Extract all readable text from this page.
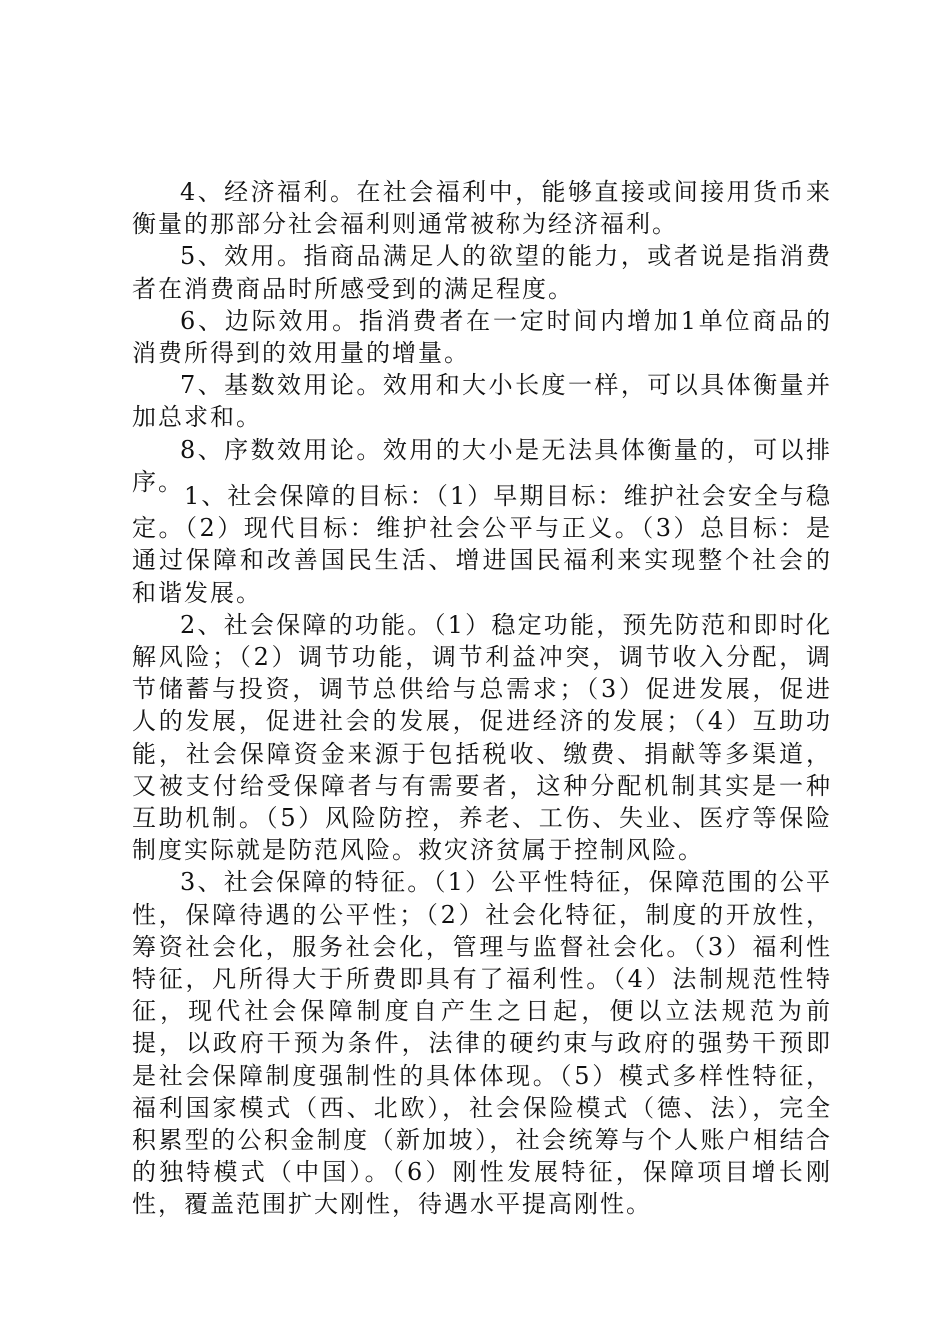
4、经济福利。在社会福利中，能够直接或间接用货币来衡量的那部分社会福利则通常被称为经济福利。

5、效用。指商品满足人的欲望的能力，或者说是指消费者在消费商品时所感受到的满足程度。

6、边际效用。指消费者在一定时间内增加1单位商品的消费所得到的效用量的增量。

7、基数效用论。效用和大小长度一样，可以具体衡量并加总求和。

8、序数效用论。效用的大小是无法具体衡量的，可以排序。

1、社会保障的目标：（1）早期目标：维护社会安全与稳定。（2）现代目标：维护社会公平与正义。（3）总目标：是通过保障和改善国民生活、增进国民福利来实现整个社会的和谐发展。

2、社会保障的功能。（1）稳定功能，预先防范和即时化解风险；（2）调节功能，调节利益冲突，调节收入分配，调节储蓄与投资，调节总供给与总需求；（3）促进发展，促进人的发展，促进社会的发展，促进经济的发展；（4）互助功能，社会保障资金来源于包括税收、缴费、捐献等多渠道，又被支付给受保障者与有需要者，这种分配机制其实是一种互助机制。（5）风险防控，养老、工伤、失业、医疗等保险制度实际就是防范风险。救灾济贫属于控制风险。

3、社会保障的特征。（1）公平性特征，保障范围的公平性，保障待遇的公平性；（2）社会化特征，制度的开放性，筹资社会化，服务社会化，管理与监督社会化。（3）福利性特征，凡所得大于所费即具有了福利性。（4）法制规范性特征，现代社会保障制度自产生之日起，便以立法规范为前提，以政府干预为条件，法律的硬约束与政府的强势干预即是社会保障制度强制性的具体体现。（5）模式多样性特征，福利国家模式（西、北欧），社会保险模式（德、法），完全积累型的公积金制度（新加坡），社会统筹与个人账户相结合的独特模式（中国）。（6）刚性发展特征，保障项目增长刚性，覆盖范围扩大刚性，待遇水平提高刚性。
